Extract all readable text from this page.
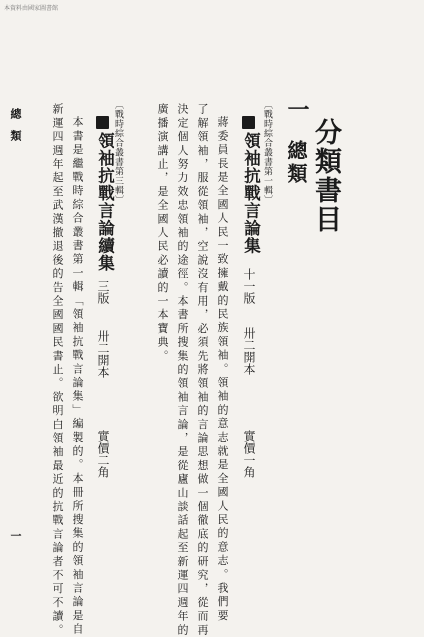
本資料由國家圖書館
分類書目
一
總類
〔戰時綜合叢書第一輯〕
領袖抗戰言論集
十一版
卅二開本
實價一角
蔣委員長是全國人民一致擁戴的民族領袖。領袖的意志就是全國人民的意志。我們要
了解領袖，服從領袖，空說沒有用，必須先將領袖的言論思想做一個徹底的研究，從而再
決定個人努力效忠領袖的途徑。本書所搜集的領袖言論，是從廬山談話起至新運四週年的
廣播演講止，是全國人民必讀的一本寶典。
〔戰時綜合叢書第三輯〕
領袖抗戰言論續集
三版
卅二開本
實價二角
本書是繼戰時綜合叢書第一輯「領袖抗戰言論集」編製的。本冊所搜集的領袖言論是自
新運四週年起至武漢撤退後的告全國國民書止。欲明白領袖最近的抗戰言論者不可不讀。
總　類
一
